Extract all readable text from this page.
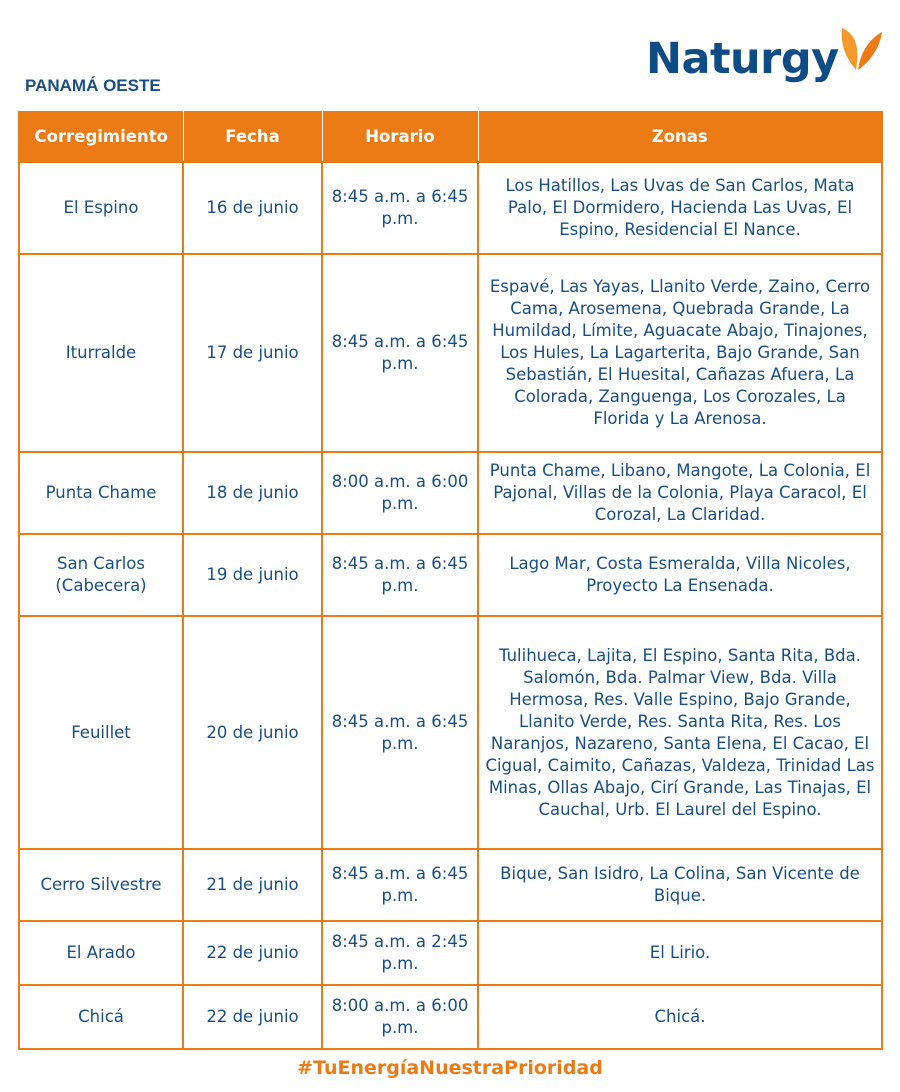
PANAMÁ OESTE
Naturgy
Corregimiento	Fecha	Horario	Zonas
El Espino	16 de junio	8:45 a.m. a 6:45 p.m.	Los Hatillos, Las Uvas de San Carlos, Mata Palo, El Dormidero, Hacienda Las Uvas, El Espino, Residencial El Nance.
Iturralde	17 de junio	8:45 a.m. a 6:45 p.m.	Espavé, Las Yayas, Llanito Verde, Zaino, Cerro Cama, Arosemena, Quebrada Grande, La Humildad, Límite, Aguacate Abajo, Tinajones, Los Hules, La Lagarterita, Bajo Grande, San Sebastián, El Huesital, Cañazas Afuera, La Colorada, Zanguenga, Los Corozales, La Florida y La Arenosa.
Punta Chame	18 de junio	8:00 a.m. a 6:00 p.m.	Punta Chame, Libano, Mangote, La Colonia, El Pajonal, Villas de la Colonia, Playa Caracol, El Corozal, La Claridad.
San Carlos (Cabecera)	19 de junio	8:45 a.m. a 6:45 p.m.	Lago Mar, Costa Esmeralda, Villa Nicoles, Proyecto La Ensenada.
Feuillet	20 de junio	8:45 a.m. a 6:45 p.m.	Tulihueca, Lajita, El Espino, Santa Rita, Bda. Salomón, Bda. Palmar View, Bda. Villa Hermosa, Res. Valle Espino, Bajo Grande, Llanito Verde, Res. Santa Rita, Res. Los Naranjos, Nazareno, Santa Elena, El Cacao, El Cigual, Caimito, Cañazas, Valdeza, Trinidad Las Minas, Ollas Abajo, Cirí Grande, Las Tinajas, El Cauchal, Urb. El Laurel del Espino.
Cerro Silvestre	21 de junio	8:45 a.m. a 6:45 p.m.	Bique, San Isidro, La Colina, San Vicente de Bique.
El Arado	22 de junio	8:45 a.m. a 2:45 p.m.	El Lirio.
Chicá	22 de junio	8:00 a.m. a 6:00 p.m.	Chicá.
#TuEnergíaNuestraPrioridad
